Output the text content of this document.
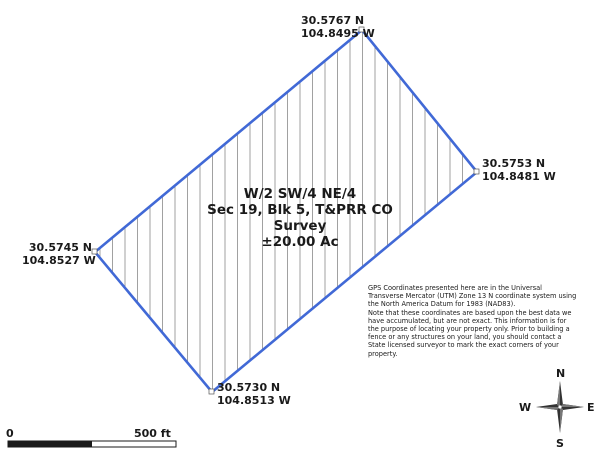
30.5767 N
104.8495 W
30.5753 N
104.8481 W
30.5745 N
104.8527 W
30.5730 N
104.8513 W
W/2 SW/4 NE/4
Sec 19, Blk 5, T&PRR CO Survey
±20.00 Ac
GPS Coordinates presented here are in the Universal
Transverse Mercator (UTM) Zone 13 N coordinate system using
the North America Datum for 1983 (NAD83).
Note that these coordinates are based upon the best data we
have accumulated, but are not exact. This information is for
the purpose of locating your property only. Prior to building a
fence or any structures on your land, you should contact a
State licensed surveyor to mark the exact corners of your
property.
N
S
E
W
0	500 ft
